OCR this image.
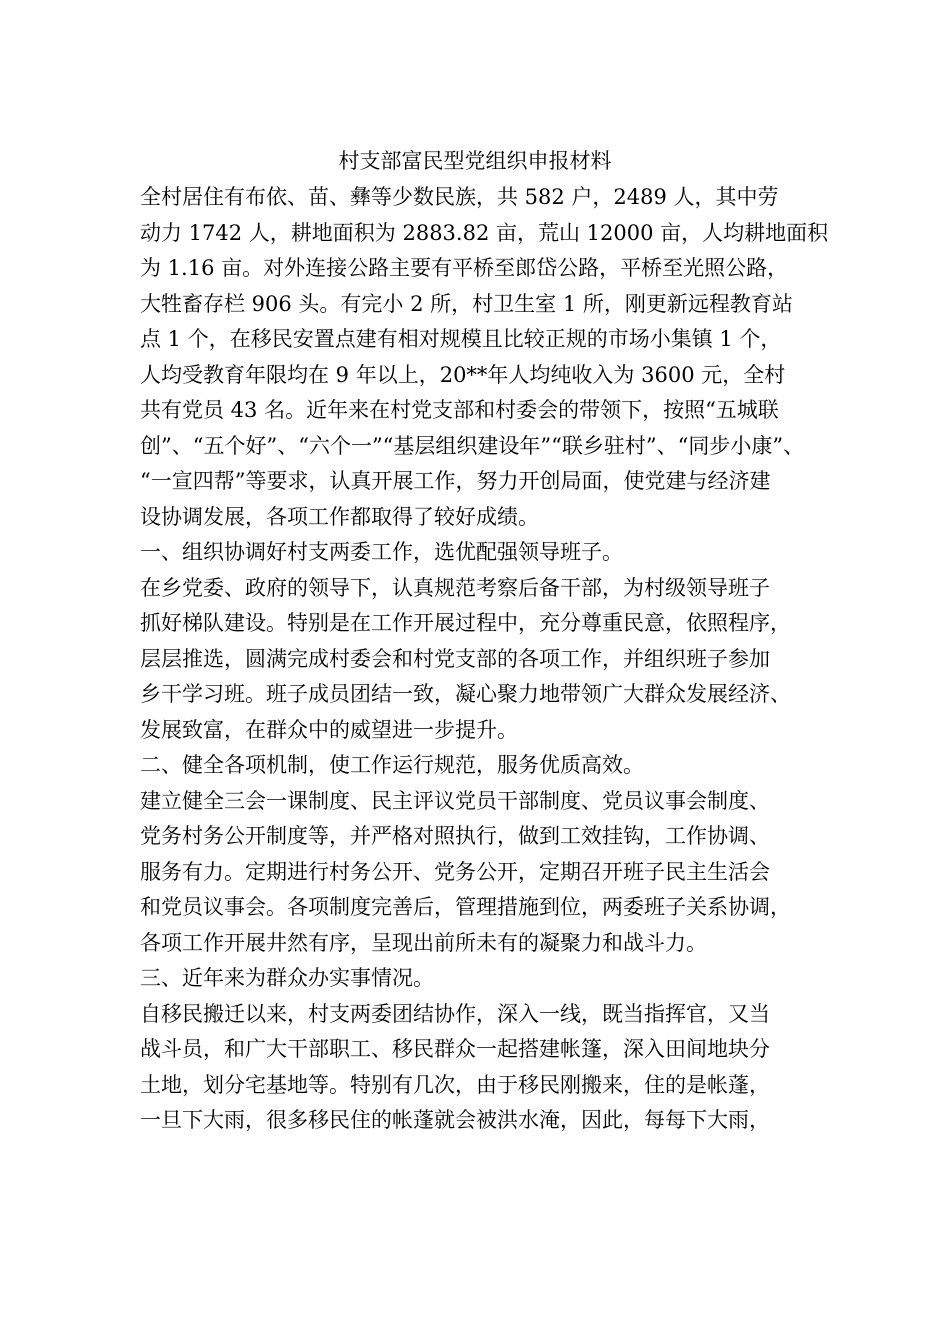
村支部富民型党组织申报材料
全村居住有布依、苗、彝等少数民族，共 582 户，2489 人，其中劳
动力 1742 人，耕地面积为 2883.82 亩，荒山 12000 亩，人均耕地面积
为 1.16 亩。对外连接公路主要有平桥至郎岱公路，平桥至光照公路，
大牲畜存栏 906 头。有完小 2 所，村卫生室 1 所，刚更新远程教育站
点 1 个，在移民安置点建有相对规模且比较正规的市场小集镇 1 个，
人均受教育年限均在 9 年以上，20**年人均纯收入为 3600 元，全村
共有党员 43 名。近年来在村党支部和村委会的带领下，按照“五城联
创”、“五个好”、“六个一”“基层组织建设年”“联乡驻村”、“同步小康”、
“一宣四帮”等要求，认真开展工作，努力开创局面，使党建与经济建
设协调发展，各项工作都取得了较好成绩。
一、组织协调好村支两委工作，选优配强领导班子。
在乡党委、政府的领导下，认真规范考察后备干部，为村级领导班子
抓好梯队建设。特别是在工作开展过程中，充分尊重民意，依照程序，
层层推选，圆满完成村委会和村党支部的各项工作，并组织班子参加
乡干学习班。班子成员团结一致，凝心聚力地带领广大群众发展经济、
发展致富，在群众中的威望进一步提升。
二、健全各项机制，使工作运行规范，服务优质高效。
建立健全三会一课制度、民主评议党员干部制度、党员议事会制度、
党务村务公开制度等，并严格对照执行，做到工效挂钩，工作协调、
服务有力。定期进行村务公开、党务公开，定期召开班子民主生活会
和党员议事会。各项制度完善后，管理措施到位，两委班子关系协调，
各项工作开展井然有序，呈现出前所未有的凝聚力和战斗力。
三、近年来为群众办实事情况。
自移民搬迁以来，村支两委团结协作，深入一线，既当指挥官，又当
战斗员，和广大干部职工、移民群众一起搭建帐篷，深入田间地块分
土地，划分宅基地等。特别有几次，由于移民刚搬来，住的是帐蓬，
一旦下大雨，很多移民住的帐蓬就会被洪水淹，因此，每每下大雨，
